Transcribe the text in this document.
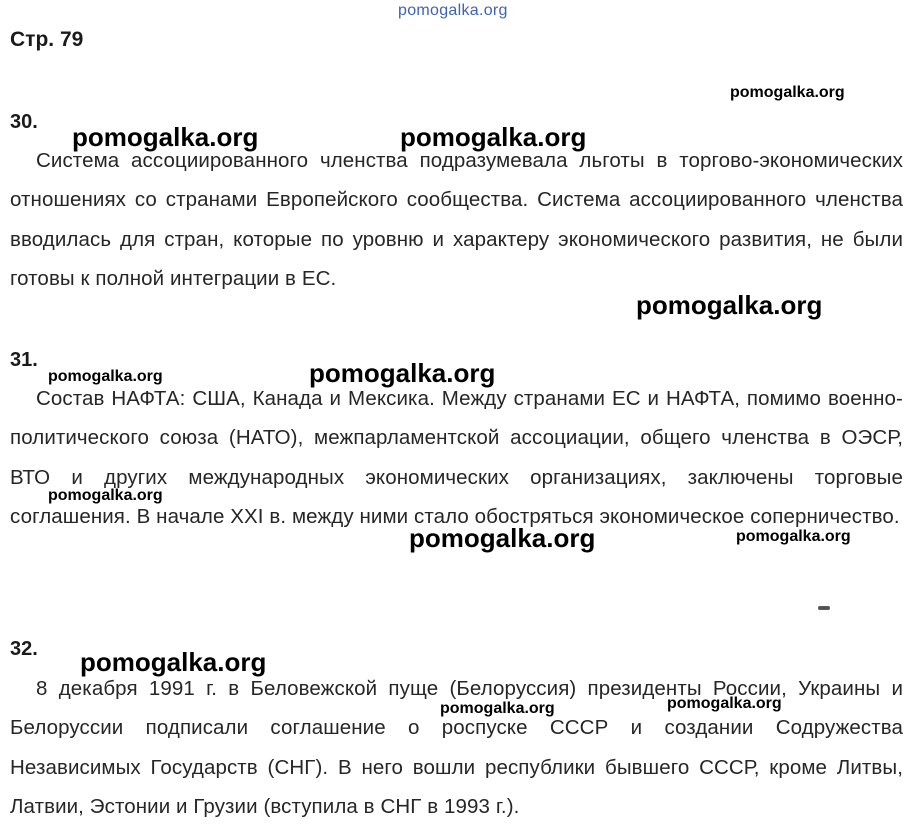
pomogalka.org
Стр. 79
30.

Система ассоциированного членства подразумевала льготы в торгово-экономических отношениях со странами Европейского сообщества. Система ассоциированного членства вводилась для стран, которые по уровню и характеру экономического развития, не были готовы к полной интеграции в ЕС.

31.

Состав НАФТА: США, Канада и Мексика. Между странами ЕС и НАФТА, помимо военно-политического союза (НАТО), межпарламентской ассоциации, общего членства в ОЭСР, ВТО и других международных экономических организациях, заключены торговые соглашения. В начале XXI в. между ними стало обостряться экономическое соперничество.

32.

8 декабря 1991 г. в Беловежской пуще (Белоруссия) президенты России, Украины и Белоруссии подписали соглашение о роспуске СССР и создании Содружества Независимых Государств (СНГ). В него вошли республики бывшего СССР, кроме Литвы, Латвии, Эстонии и Грузии (вступила в СНГ в 1993 г.).

pomogalka.org
pomogalka.org	pomogalka.org
pomogalka.org
pomogalka.org	pomogalka.org
pomogalka.org
pomogalka.org	pomogalka.org
pomogalka.org
pomogalka.org	pomogalka.org
